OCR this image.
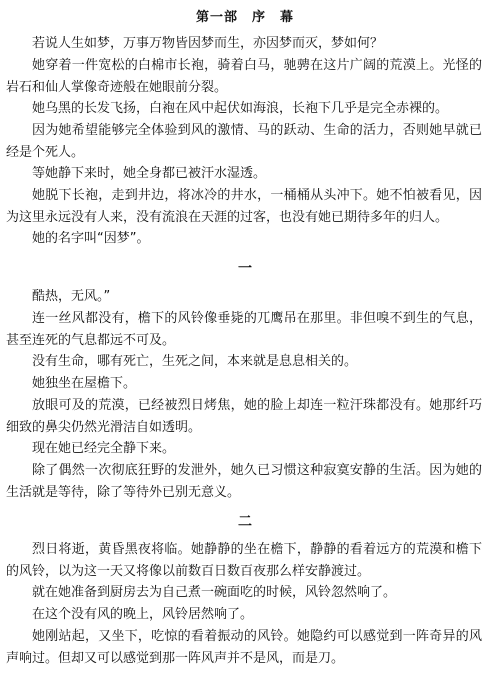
第一部　序　幕

若说人生如梦，万事万物皆因梦而生，亦因梦而灭，梦如何？

她穿着一件宽松的白棉市长袍，骑着白马，驰骋在这片广阔的荒漠上。光怪的岩石和仙人掌像奇迹般在她眼前分裂。

她乌黑的长发飞扬，白袍在风中起伏如海浪，长袍下几乎是完全赤裸的。

因为她希望能够完全体验到风的激情、马的跃动、生命的活力，否则她早就已经是个死人。

等她静下来时，她全身都已被汗水湿透。

她脱下长袍，走到井边，将冰冷的井水，一桶桶从头冲下。她不怕被看见，因为这里永远没有人来，没有流浪在天涯的过客，也没有她已期待多年的归人。

她的名字叫“因梦”。

一

酷热，无风。”

连一丝风都没有，檐下的风铃像垂毙的兀鹰吊在那里。非但嗅不到生的气息，甚至连死的气息都远不可及。

没有生命，哪有死亡，生死之间，本来就是息息相关的。

她独坐在屋檐下。

放眼可及的荒漠，已经被烈日烤焦，她的脸上却连一粒汗珠都没有。她那纤巧细致的鼻尖仍然光滑洁自如透明。

现在她已经完全静下来。

除了偶然一次彻底狂野的发泄外，她久已习惯这种寂寞安静的生活。因为她的生活就是等待，除了等待外已别无意义。

二

烈日将逝，黄昏黑夜将临。她静静的坐在檐下，静静的看着远方的荒漠和檐下的风铃，以为这一天又将像以前数百日数百夜那么样安静渡过。

就在她准备到厨房去为自己煮一碗面吃的时候，风铃忽然响了。

在这个没有风的晚上，风铃居然响了。

她刚站起，又坐下，吃惊的看着振动的风铃。她隐约可以感觉到一阵奇异的风声响过。但却又可以感觉到那一阵风声并不是风，而是刀。
